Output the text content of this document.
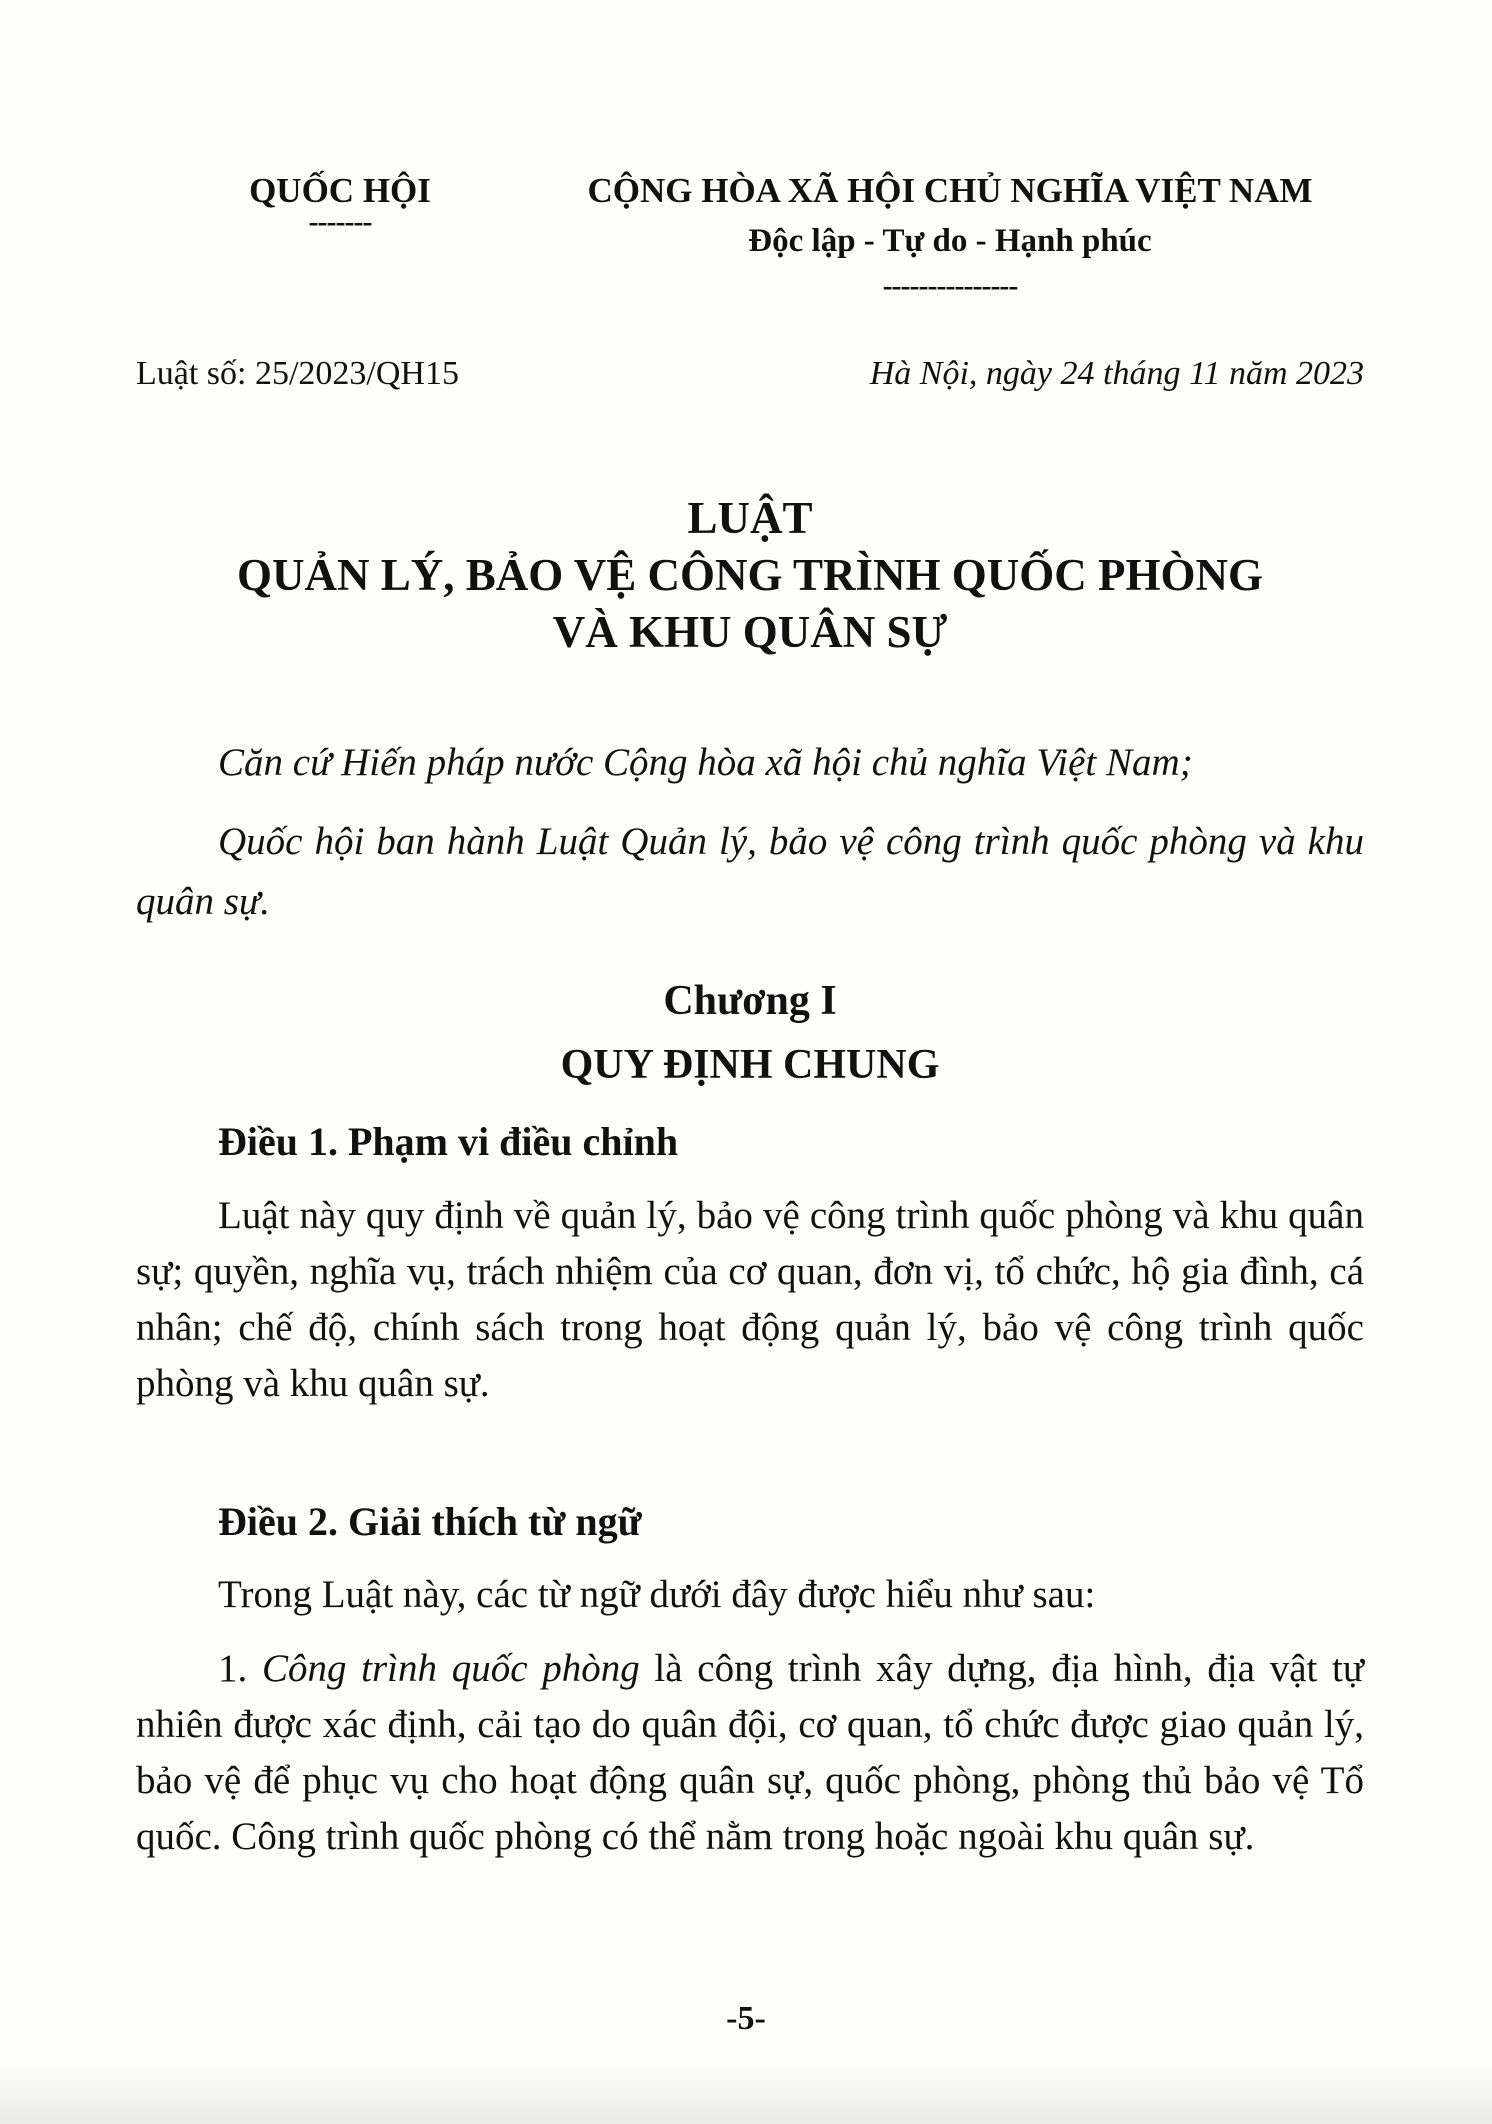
QUỐC HỘI
-------
CỘNG HÒA XÃ HỘI CHỦ NGHĨA VIỆT NAM
Độc lập - Tự do - Hạnh phúc
---------------
Luật số: 25/2023/QH15	Hà Nội, ngày 24 tháng 11 năm 2023
LUẬT
QUẢN LÝ, BẢO VỆ CÔNG TRÌNH QUỐC PHÒNG
VÀ KHU QUÂN SỰ
Căn cứ Hiến pháp nước Cộng hòa xã hội chủ nghĩa Việt Nam;
Quốc hội ban hành Luật Quản lý, bảo vệ công trình quốc phòng và khu quân sự.
Chương I
QUY ĐỊNH CHUNG
Điều 1. Phạm vi điều chỉnh
Luật này quy định về quản lý, bảo vệ công trình quốc phòng và khu quân sự; quyền, nghĩa vụ, trách nhiệm của cơ quan, đơn vị, tổ chức, hộ gia đình, cá nhân; chế độ, chính sách trong hoạt động quản lý, bảo vệ công trình quốc phòng và khu quân sự.
Điều 2. Giải thích từ ngữ
Trong Luật này, các từ ngữ dưới đây được hiểu như sau:
1. Công trình quốc phòng là công trình xây dựng, địa hình, địa vật tự nhiên được xác định, cải tạo do quân đội, cơ quan, tổ chức được giao quản lý, bảo vệ để phục vụ cho hoạt động quân sự, quốc phòng, phòng thủ bảo vệ Tổ quốc. Công trình quốc phòng có thể nằm trong hoặc ngoài khu quân sự.
-5-
